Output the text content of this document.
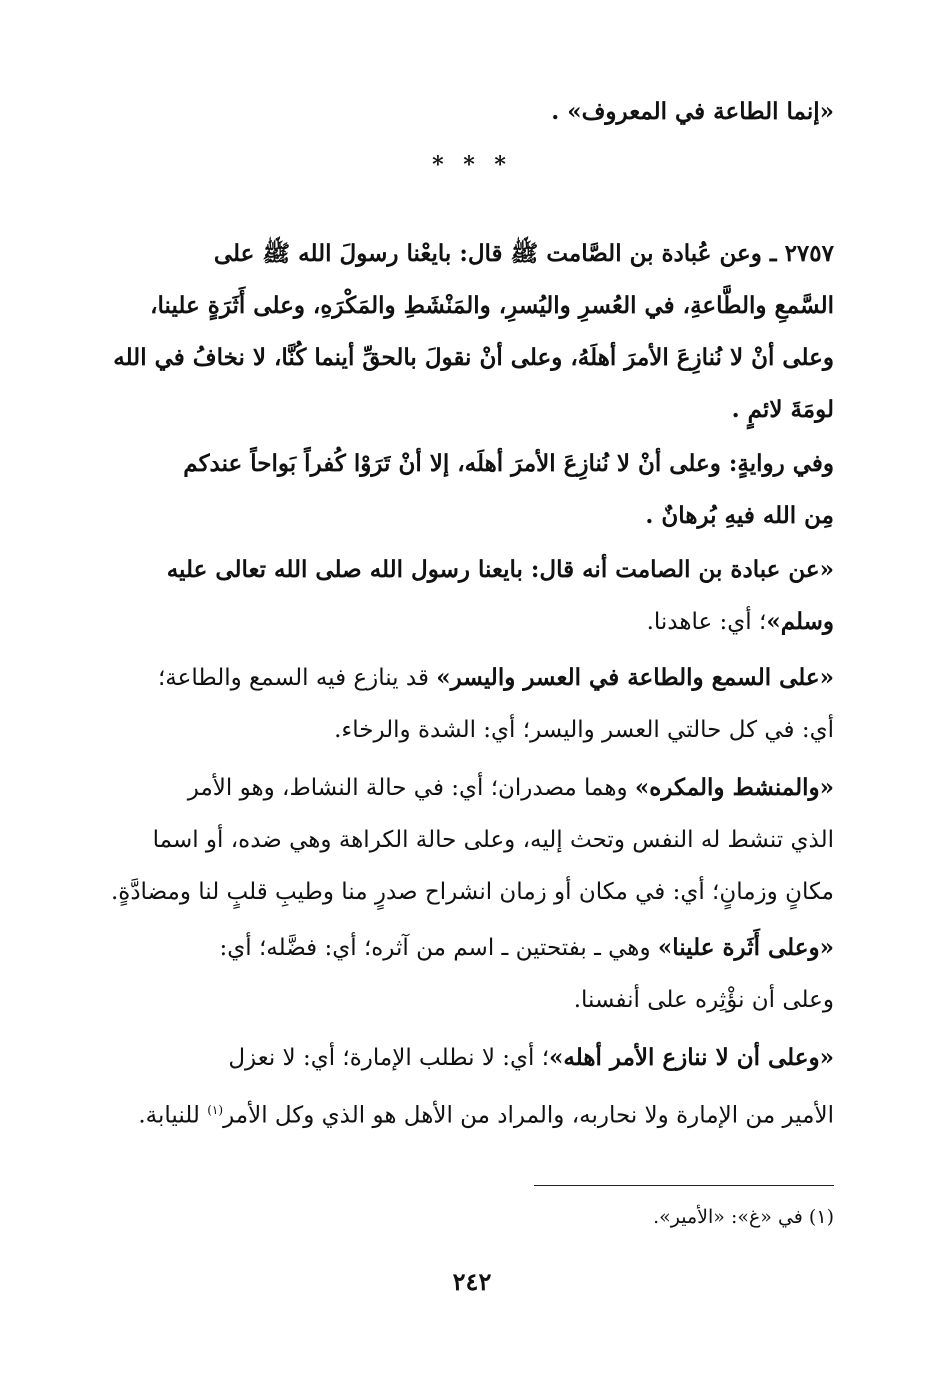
«إنما الطاعة في المعروف» .
* * *
٢٧٥٧ ـ وعن عُبادة بن الصَّامت ﷺ قال: بايعْنا رسولَ الله ﷺ على
السَّمعِ والطَّاعةِ، في العُسرِ واليُسرِ، والمَنْشَطِ والمَكْرَهِ، وعلى أَثَرَةٍ علينا،
وعلى أنْ لا نُنازِعَ الأمرَ أهلَهُ، وعلى أنْ نقولَ بالحقِّ أينما كُنَّا، لا نخافُ في الله
لومَةَ لائمٍ .
وفي روايةٍ: وعلى أنْ لا نُنازِعَ الأمرَ أهلَه، إلا أنْ تَرَوْا كُفراً بَواحاً عندكم
مِن الله فيهِ بُرهانٌ .
«عن عبادة بن الصامت أنه قال: بايعنا رسول الله صلى الله تعالى عليه
وسلم»؛ أي: عاهدنا.
«على السمع والطاعة في العسر واليسر» قد ينازع فيه السمع والطاعة؛
أي: في كل حالتي العسر واليسر؛ أي: الشدة والرخاء.
«والمنشط والمكره» وهما مصدران؛ أي: في حالة النشاط، وهو الأمر
الذي تنشط له النفس وتحث إليه، وعلى حالة الكراهة وهي ضده، أو اسما
مكانٍ وزمانٍ؛ أي: في مكان أو زمان انشراح صدرٍ منا وطيبِ قلبٍ لنا ومضادَّةٍ.
«وعلى أَثَرة علينا» وهي ـ بفتحتين ـ اسم من آثره؛ أي: فضَّله؛ أي:
وعلى أن نؤْثِره على أنفسنا.
«وعلى أن لا ننازع الأمر أهله»؛ أي: لا نطلب الإمارة؛ أي: لا نعزل
الأمير من الإمارة ولا نحاربه، والمراد من الأهل هو الذي وكل الأمر$^{(١)}$ للنيابة.
(١) في «غ»: «الأمير».
٢٤٢
